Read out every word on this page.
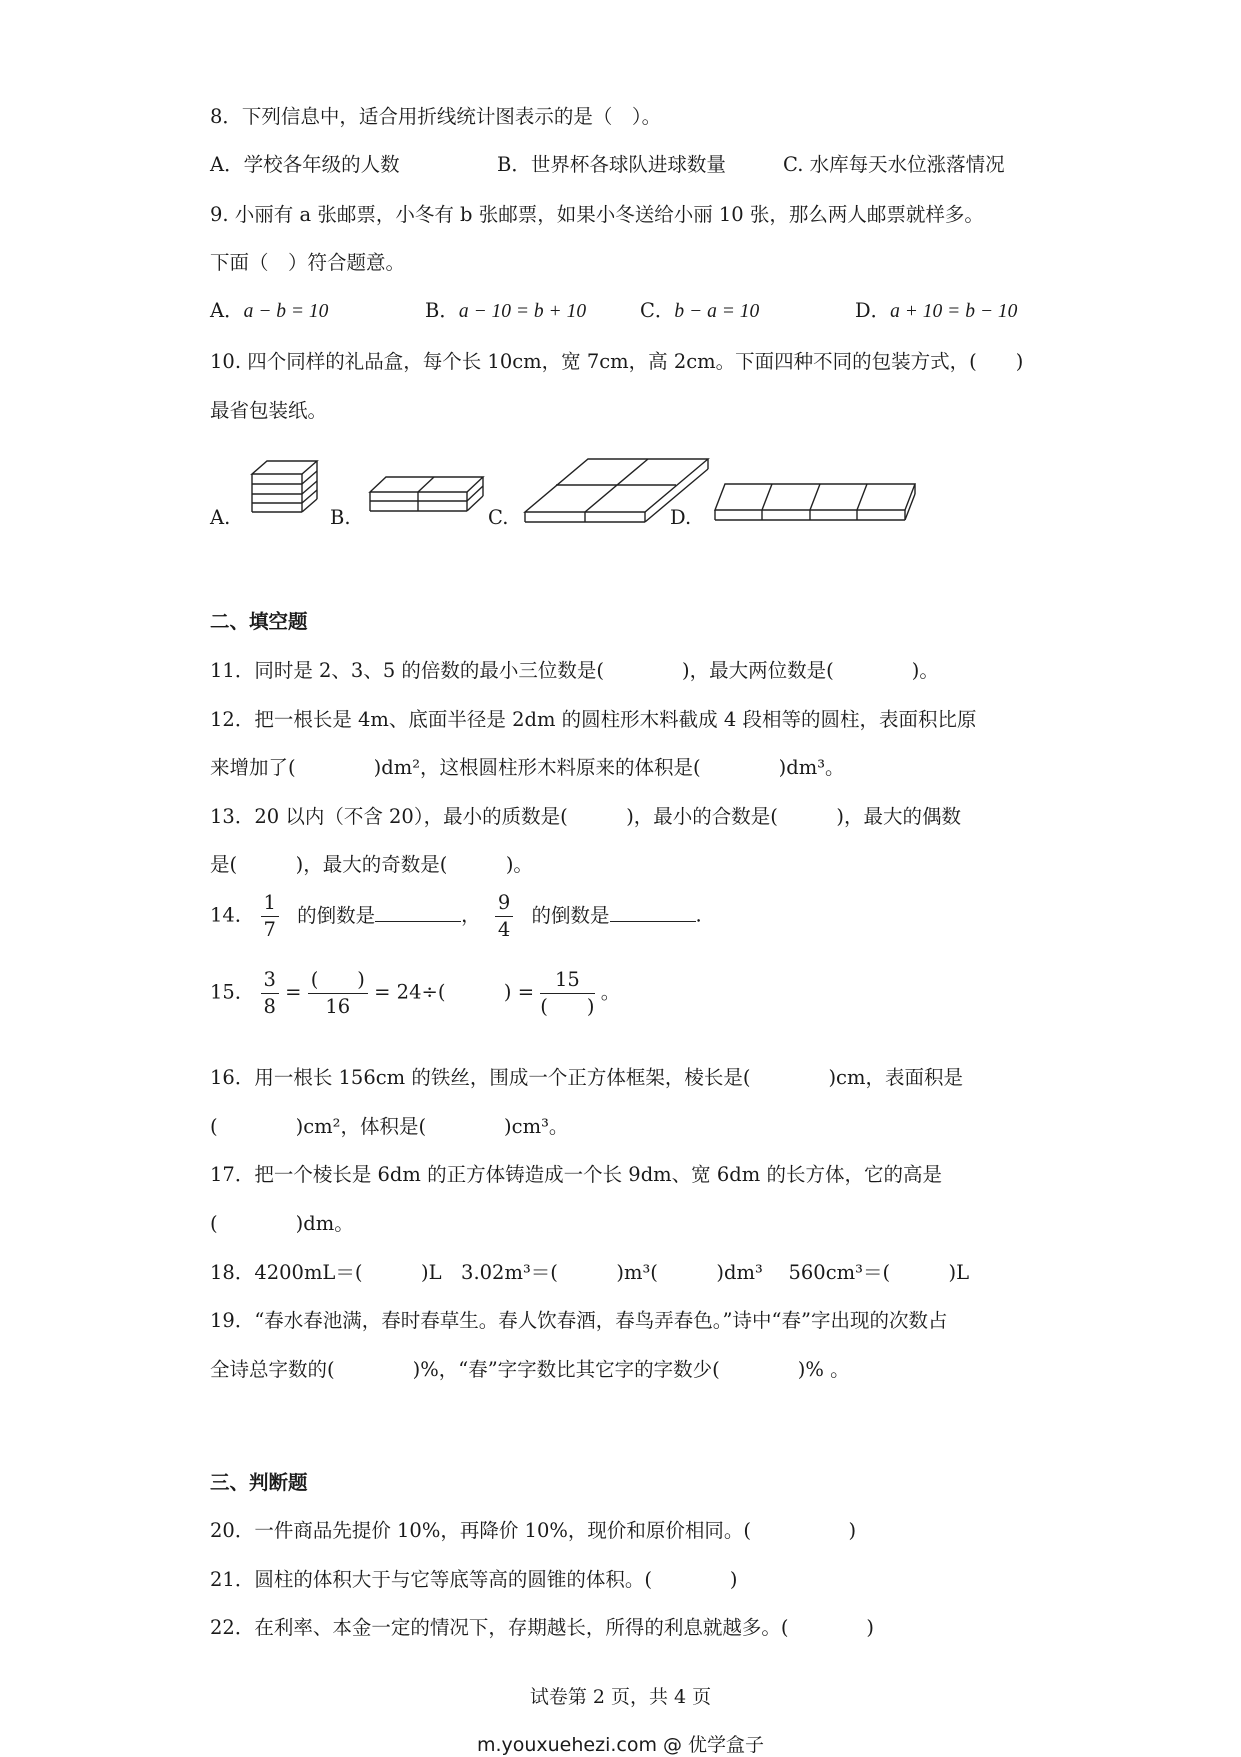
8．下列信息中，适合用折线统计图表示的是（　）。
A．学校各年级的人数	B．世界杯各球队进球数量	C. 水库每天水位涨落情况
9. 小丽有 a 张邮票，小冬有 b 张邮票，如果小冬送给小丽 10 张，那么两人邮票就样多。
下面（　）符合题意。
A．a − b = 10	B．a − 10 = b + 10	C．b − a = 10	D．a + 10 = b − 10
10. 四个同样的礼品盒，每个长 10cm，宽 7cm，高 2cm。下面四种不同的包装方式，(　　)
最省包装纸。
A.	B.	C.	D.
二、填空题
11．同时是 2、3、5 的倍数的最小三位数是(　　　　)，最大两位数是(　　　　)。
12．把一根长是 4m、底面半径是 2dm 的圆柱形木料截成 4 段相等的圆柱，表面积比原
来增加了(　　　　)dm²，这根圆柱形木料原来的体积是(　　　　)dm³。
13．20 以内（不含 20），最小的质数是(　　　)，最小的合数是(　　　)，最大的偶数
是(　　　)，最大的奇数是(　　　)。
14． $\frac{1}{7}$ 的倒数是	， $\frac{9}{4}$ 的倒数是	.
15． $\frac{3}{8} = \frac{( )}{16} = 24\div$(　　　) = $\frac{15}{( )}$ 。
16．用一根长 156cm 的铁丝，围成一个正方体框架，棱长是(　　　　)cm，表面积是
(　　　　)cm²，体积是(　　　　)cm³。
17．把一个棱长是 6dm 的正方体铸造成一个长 9dm、宽 6dm 的长方体，它的高是
(　　　　)dm。
18．4200mL＝(　　　)L　3.02m³＝(　　　)m³(　　　)dm³　 560cm³＝(　　　)L
19．“春水春池满，春时春草生。春人饮春酒，春鸟弄春色。”诗中“春”字出现的次数占
全诗总字数的(　　　　)%，“春”字字数比其它字的字数少(　　　　)% 。
三、判断题
20．一件商品先提价 10%，再降价 10%，现价和原价相同。(　　　　　)
21．圆柱的体积大于与它等底等高的圆锥的体积。(　　　　)
22．在利率、本金一定的情况下，存期越长，所得的利息就越多。(　　　　)
试卷第 2 页，共 4 页
m.youxuehezi.com @ 优学盒子
